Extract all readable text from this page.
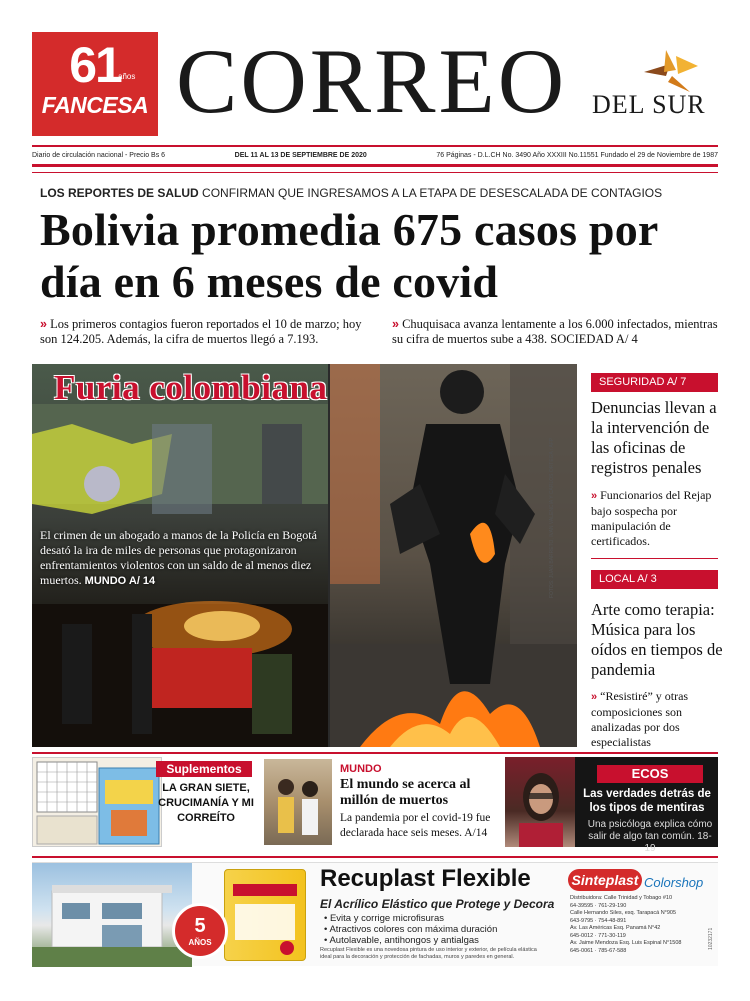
61
años
FANCESA CORREO DEL SUR
Diario de circulación nacional - Precio Bs 6	DEL 11 AL 13 DE SEPTIEMBRE DE 2020	76 Páginas - D.L.CH No. 3490 Año XXXIII No.11551 Fundado el 29 de Noviembre de 1987
LOS REPORTES DE SALUD CONFIRMAN QUE INGRESAMOS A LA ETAPA DE DESESCALADA DE CONTAGIOS
Bolivia promedia 675 casos por día en 6 meses de covid
» Los primeros contagios fueron reportados el 10 de marzo; hoy son 124.205. Además, la cifra de muertos llegó a 7.193.
» Chuquisaca avanza lentamente a los 6.000 infectados, mientras su cifra de muertos sube a 438. SOCIEDAD A/ 4
Furia colombiana
El crimen de un abogado a manos de la Policía en Bogotá desató la ira de miles de personas que protagonizaron enfrentamientos violentos con un saldo de al menos diez muertos. MUNDO A/ 14	FOTOS: JUAN BARRETO, IVAN VALENCIA Y CARLOS ORTEGA / AFP
SEGURIDAD A/ 7
Denuncias llevan a la intervención de las oficinas de registros penales
» Funcionarios del Rejap bajo sospecha por manipulación de certificados.
LOCAL A/ 3
Arte como terapia: Música para los oídos en tiempos de pandemia
» “Resistiré” y otras composiciones son analizadas por dos especialistas
Suplementos
LA GRAN SIETE, CRUCIMANÍA Y MI CORREÍTO
MUNDO
El mundo se acerca al millón de muertos
La pandemia por el covid-19 fue declarada hace seis meses. A/14
ECOS
Las verdades detrás de los tipos de mentiras
Una psicóloga explica cómo salir de algo tan común. 18-19
5
AÑOS
Recuplast Flexible
El Acrílico Elástico que Protege y Decora
• Evita y corrige microfisuras
• Atractivos colores con máxima duración
• Autolavable, antihongos y antialgas
Recuplast Flexible es una novedosa pintura de uso interior y exterior, de película elástica ideal para la decoración y protección de fachadas, muros y paredes en general.
Sinteplast Colorshop
Distribuidora: Calle Trinidad y Tobago #10
64-39595 · 761-29-190
Calle Hernando Siles, esq. Tarapacá N°905
643-9795 · 754-48-891
Av. Las Américas Esq. Panamá N°42
645-0012 · 771-30-119
Av. Jaime Mendoza Esq. Luis Espinal N°1508
645-0061 · 785-67-588
10232171
